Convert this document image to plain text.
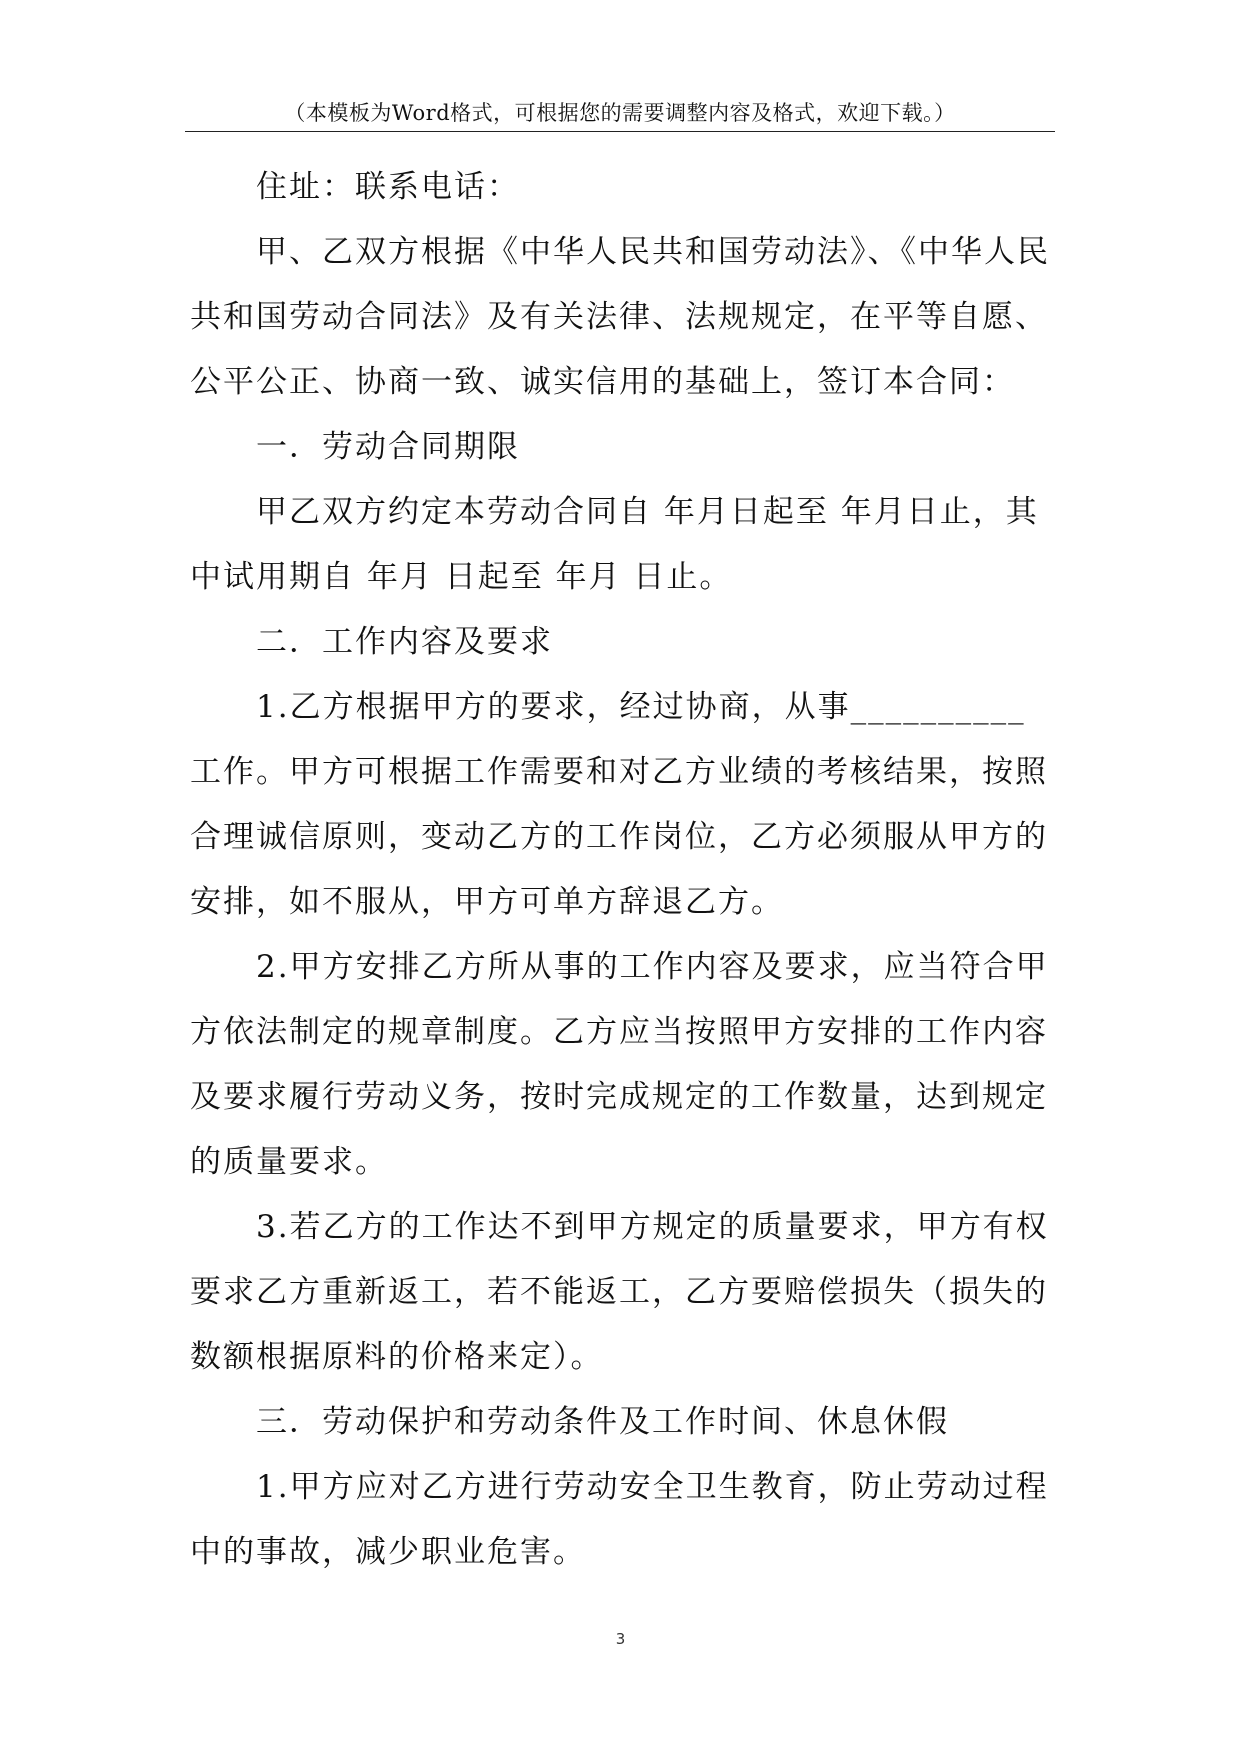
（本模板为Word格式，可根据您的需要调整内容及格式，欢迎下载。）
住址：联系电话：
甲、乙双方根据《中华人民共和国劳动法》、《中华人民
共和国劳动合同法》及有关法律、法规规定，在平等自愿、
公平公正、协商一致、诚实信用的基础上，签订本合同：
一．劳动合同期限
甲乙双方约定本劳动合同自 年月日起至 年月日止，其
中试用期自 年月 日起至 年月 日止。
二．工作内容及要求
1.乙方根据甲方的要求，经过协商，从事__________
工作。甲方可根据工作需要和对乙方业绩的考核结果，按照
合理诚信原则，变动乙方的工作岗位，乙方必须服从甲方的
安排，如不服从，甲方可单方辞退乙方。
2.甲方安排乙方所从事的工作内容及要求，应当符合甲
方依法制定的规章制度。乙方应当按照甲方安排的工作内容
及要求履行劳动义务，按时完成规定的工作数量，达到规定
的质量要求。
3.若乙方的工作达不到甲方规定的质量要求，甲方有权
要求乙方重新返工，若不能返工，乙方要赔偿损失（损失的
数额根据原料的价格来定）。
三．劳动保护和劳动条件及工作时间、休息休假
1.甲方应对乙方进行劳动安全卫生教育，防止劳动过程
中的事故，减少职业危害。
3
